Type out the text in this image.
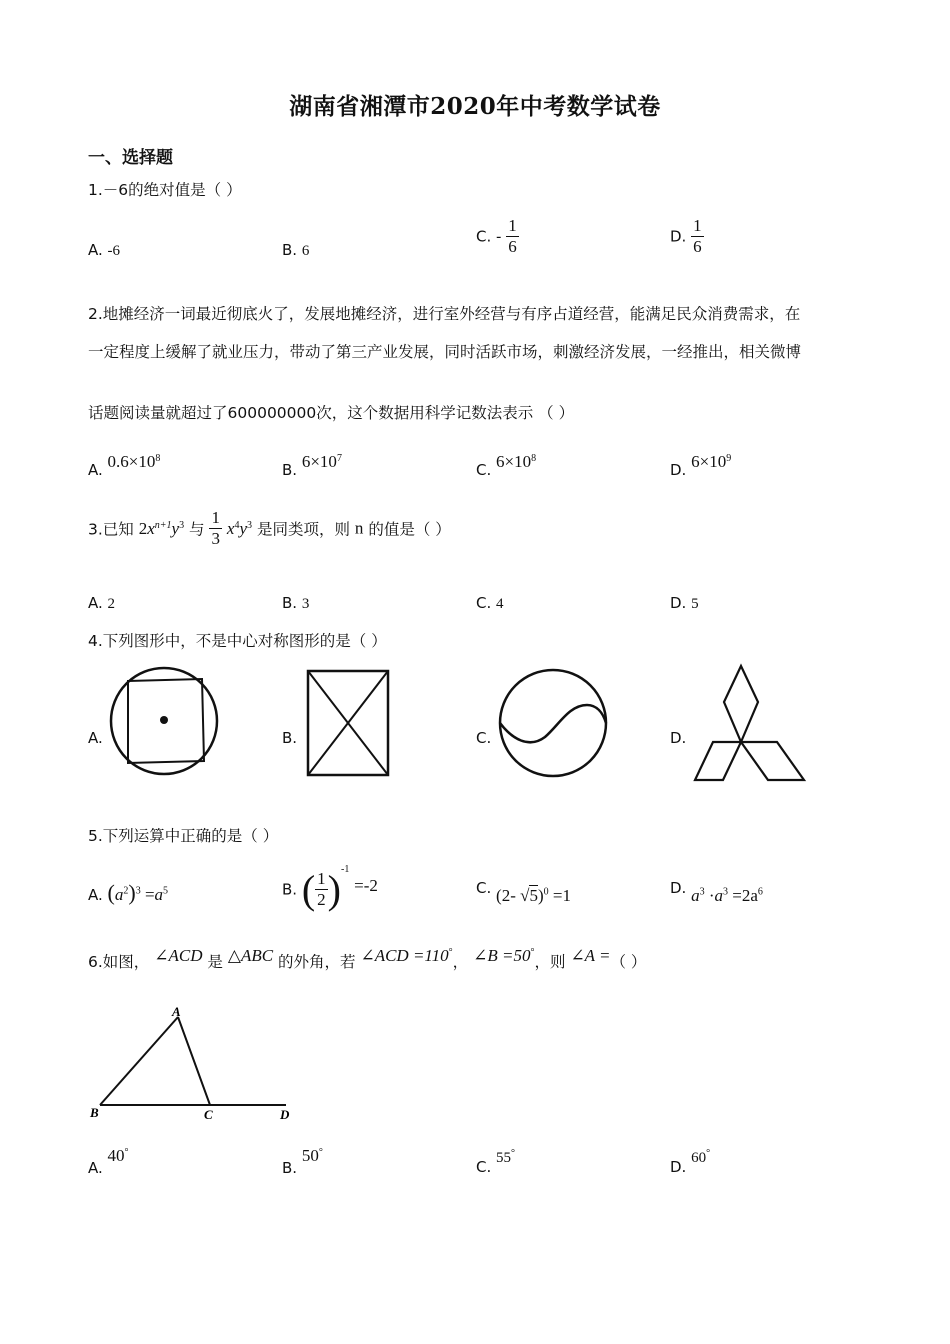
湖南省湘潭市2020年中考数学试卷
一、选择题
1.－6的绝对值是（ ）
A. -6	B. 6
C. - $\frac{1}{6}$	D. $\frac{1}{6}$
2.地摊经济一词最近彻底火了，发展地摊经济，进行室外经营与有序占道经营，能满足民众消费需求，在
一定程度上缓解了就业压力，带动了第三产业发展，同时活跃市场，刺激经济发展，一经推出，相关微博
话题阅读量就超过了600000000次，这个数据用科学记数法表示 （ ）
A. $0.6\times 10^8$
B. $6\times 10^7$
C. $6\times 10^8$
D. $6\times 10^9$
3.已知 $2x^{n+1}y^3$ 与 $\frac{1}{3} x^4y^3$ 是同类项，则 n 的值是（ ）
A. 2	B. 3	C. 4	D. 5
4.下列图形中，不是中心对称图形的是（ ）
A.	B.	C.	D.
5.下列运算中正确的是（ ）
A. $(a^2)^3 =a^5$	B. ( $\frac{1}{2} )^{-1} =-2$	C. (2- √5)$^0$ =1	D. $a^3 \cdot a^3 =2a^6$
6.如图， ∠ACD 是 △ABC 的外角，若 ∠ACD =110°， ∠B =50°，则 ∠A =（ ）
A
B	C	D
A. 40°
B. 50°
C. 55°
D. 60°
